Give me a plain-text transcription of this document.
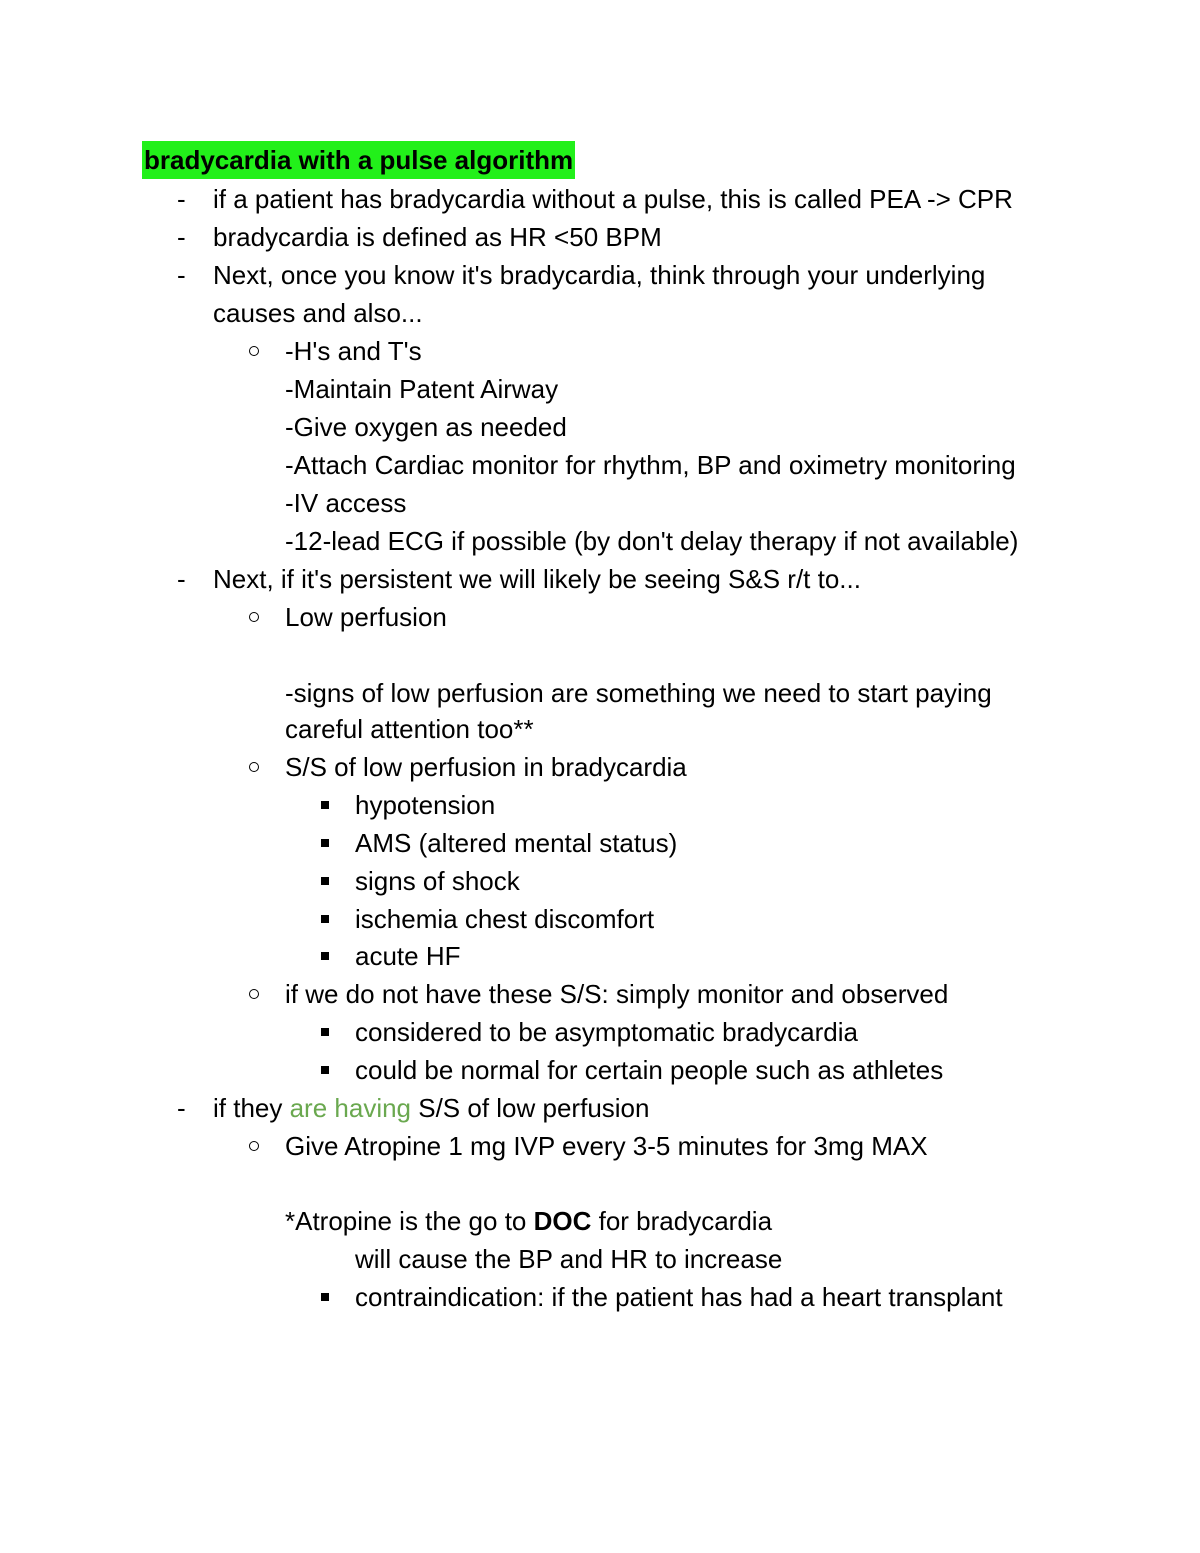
bradycardia with a pulse algorithm
- if a patient has bradycardia without a pulse, this is called PEA -> CPR
- bradycardia is defined as HR <50 BPM
- Next, once you know it's bradycardia, think through your underlying
causes and also...
-H's and T's
-Maintain Patent Airway
-Give oxygen as needed
-Attach Cardiac monitor for rhythm, BP and oximetry monitoring
-IV access
-12-lead ECG if possible (by don't delay therapy if not available)
- Next, if it's persistent we will likely be seeing S&S r/t to...
Low perfusion
-signs of low perfusion are something we need to start paying
careful attention too**
S/S of low perfusion in bradycardia
hypotension
AMS (altered mental status)
signs of shock
ischemia chest discomfort
acute HF
if we do not have these S/S: simply monitor and observed
considered to be asymptomatic bradycardia
could be normal for certain people such as athletes
- if they are having S/S of low perfusion
Give Atropine 1 mg IVP every 3-5 minutes for 3mg MAX
*Atropine is the go to DOC for bradycardia
will cause the BP and HR to increase
contraindication: if the patient has had a heart transplant
